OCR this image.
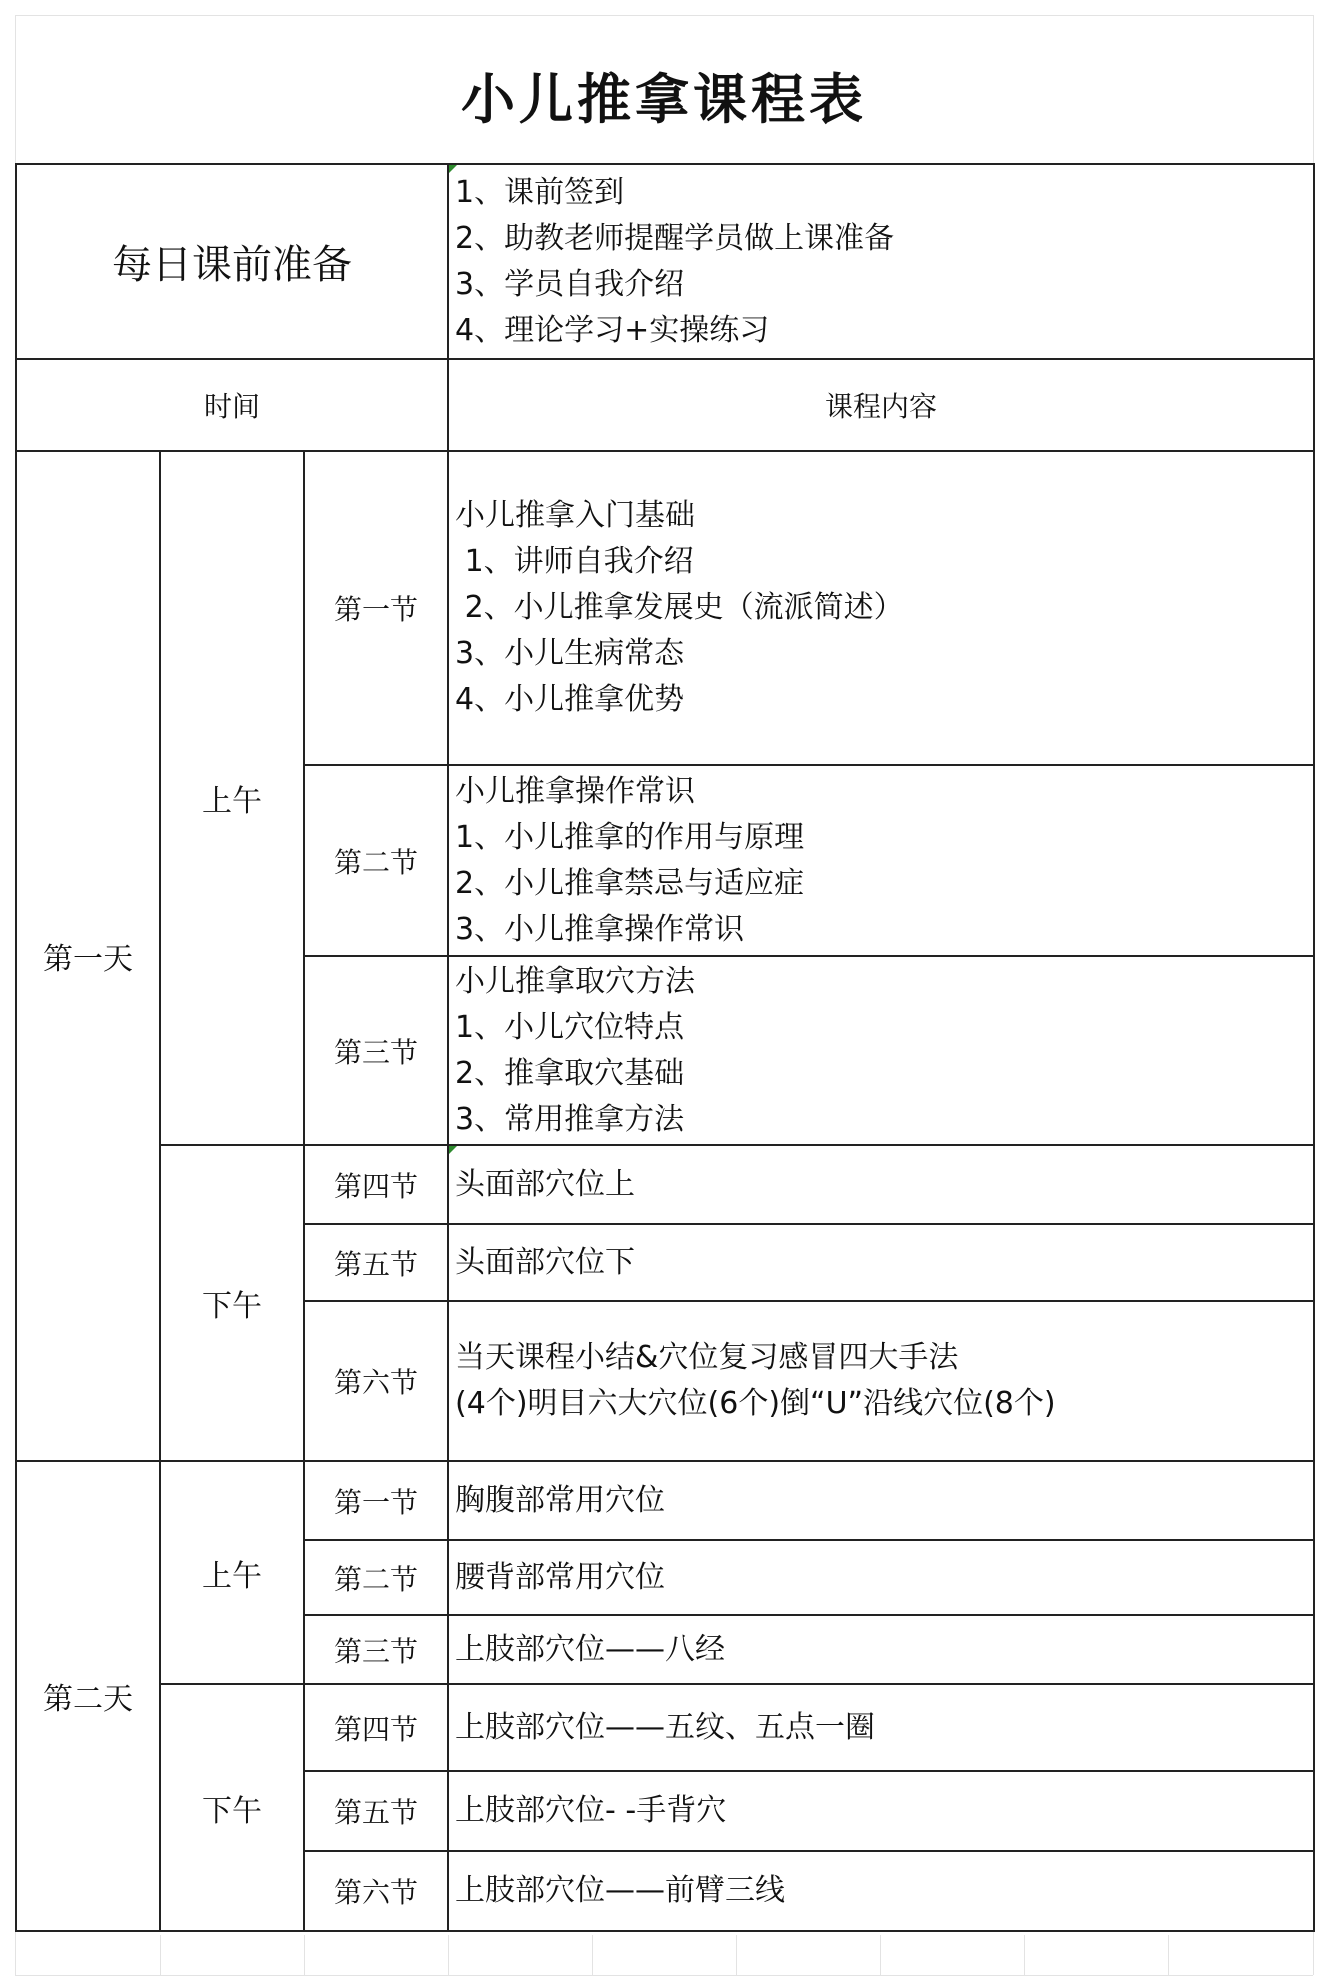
小儿推拿课程表
每日课前准备			1、课前签到
2、助教老师提醒学员做上课准备
3、学员自我介绍
4、理论学习+实操练习

时间			课程内容
第一天	上午	第一节	小儿推拿入门基础
1、讲师自我介绍
2、小儿推拿发展史（流派简述）
3、小儿生病常态
4、小儿推拿优势

		第二节	小儿推拿操作常识
1、小儿推拿的作用与原理
2、小儿推拿禁忌与适应症
3、小儿推拿操作常识

		第三节	小儿推拿取穴方法
1、小儿穴位特点
2、推拿取穴基础
3、常用推拿方法

	下午	第四节	头面部穴位上

		第五节	头面部穴位下

		第六节	当天课程小结&穴位复习感冒四大手法
(4个)明目六大穴位(6个)倒“U”沿线穴位(8个)

第二天	上午	第一节	胸腹部常用穴位

		第二节	腰背部常用穴位

		第三节	上肢部穴位——八经

	下午	第四节	上肢部穴位——五纹、五点一圈

		第五节	上肢部穴位- -手背穴

		第六节	上肢部穴位——前臂三线
